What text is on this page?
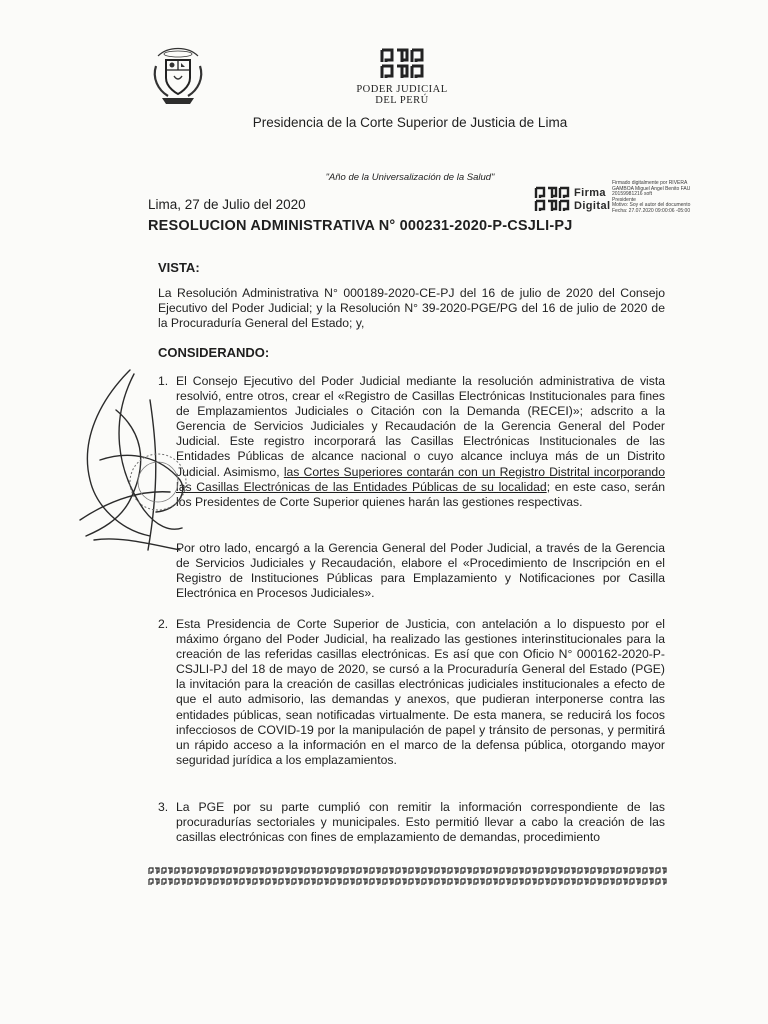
PODER JUDICIAL
DEL PERÚ
Presidencia de la Corte Superior de Justicia de Lima
"Año de la Universalización de la Salud"
Firma
Digital
Firmado digitalmente por RIVERA
GAMBOA Miguel Angel Benito FAU
20159981216 soft
Presidente
Motivo: Soy el autor del documento
Fecha: 27.07.2020 09:00:06 -05:00
Lima, 27 de Julio del 2020
RESOLUCION ADMINISTRATIVA N° 000231-2020-P-CSJLI-PJ
VISTA:
La Resolución Administrativa N° 000189-2020-CE-PJ del 16 de julio de 2020 del Consejo Ejecutivo del Poder Judicial; y la Resolución N° 39-2020-PGE/PG del 16 de julio de 2020 de la Procuraduría General del Estado; y,
CONSIDERANDO:
1. El Consejo Ejecutivo del Poder Judicial mediante la resolución administrativa de vista resolvió, entre otros, crear el «Registro de Casillas Electrónicas Institucionales para fines de Emplazamientos Judiciales o Citación con la Demanda (RECEI)»; adscrito a la Gerencia de Servicios Judiciales y Recaudación de la Gerencia General del Poder Judicial. Este registro incorporará las Casillas Electrónicas Institucionales de las Entidades Públicas de alcance nacional o cuyo alcance incluya más de un Distrito Judicial. Asimismo, las Cortes Superiores contarán con un Registro Distrital incorporando las Casillas Electrónicas de las Entidades Públicas de su localidad; en este caso, serán los Presidentes de Corte Superior quienes harán las gestiones respectivas.
Por otro lado, encargó a la Gerencia General del Poder Judicial, a través de la Gerencia de Servicios Judiciales y Recaudación, elabore el «Procedimiento de Inscripción en el Registro de Instituciones Públicas para Emplazamiento y Notificaciones por Casilla Electrónica en Procesos Judiciales».
2. Esta Presidencia de Corte Superior de Justicia, con antelación a lo dispuesto por el máximo órgano del Poder Judicial, ha realizado las gestiones interinstitucionales para la creación de las referidas casillas electrónicas. Es así que con Oficio N° 000162-2020-P-CSJLI-PJ del 18 de mayo de 2020, se cursó a la Procuraduría General del Estado (PGE) la invitación para la creación de casillas electrónicas judiciales institucionales a efecto de que el auto admisorio, las demandas y anexos, que pudieran interponerse contra las entidades públicas, sean notificadas virtualmente. De esta manera, se reducirá los focos infecciosos de COVID-19 por la manipulación de papel y tránsito de personas, y permitirá un rápido acceso a la información en el marco de la defensa pública, otorgando mayor seguridad jurídica a los emplazamientos.
3. La PGE por su parte cumplió con remitir la información correspondiente de las procuradurías sectoriales y municipales. Esto permitió llevar a cabo la creación de las casillas electrónicas con fines de emplazamiento de demandas, procedimiento
